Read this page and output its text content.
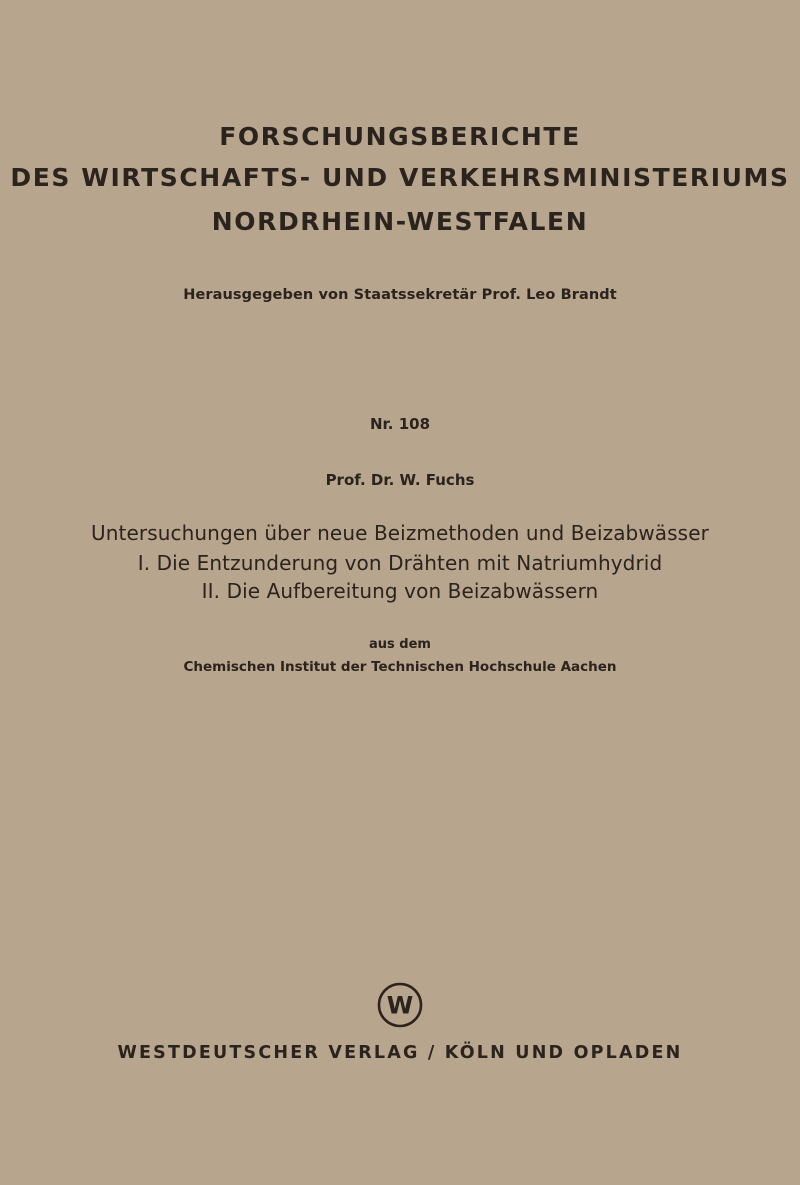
FORSCHUNGSBERICHTE
DES WIRTSCHAFTS- UND VERKEHRSMINISTERIUMS
NORDRHEIN-WESTFALEN
Herausgegeben von Staatssekretär Prof. Leo Brandt
Nr. 108
Prof. Dr. W. Fuchs
Untersuchungen über neue Beizmethoden und Beizabwässer
I. Die Entzunderung von Drähten mit Natriumhydrid
II. Die Aufbereitung von Beizabwässern
aus dem
Chemischen Institut der Technischen Hochschule Aachen
W
WESTDEUTSCHER VERLAG / KÖLN UND OPLADEN
